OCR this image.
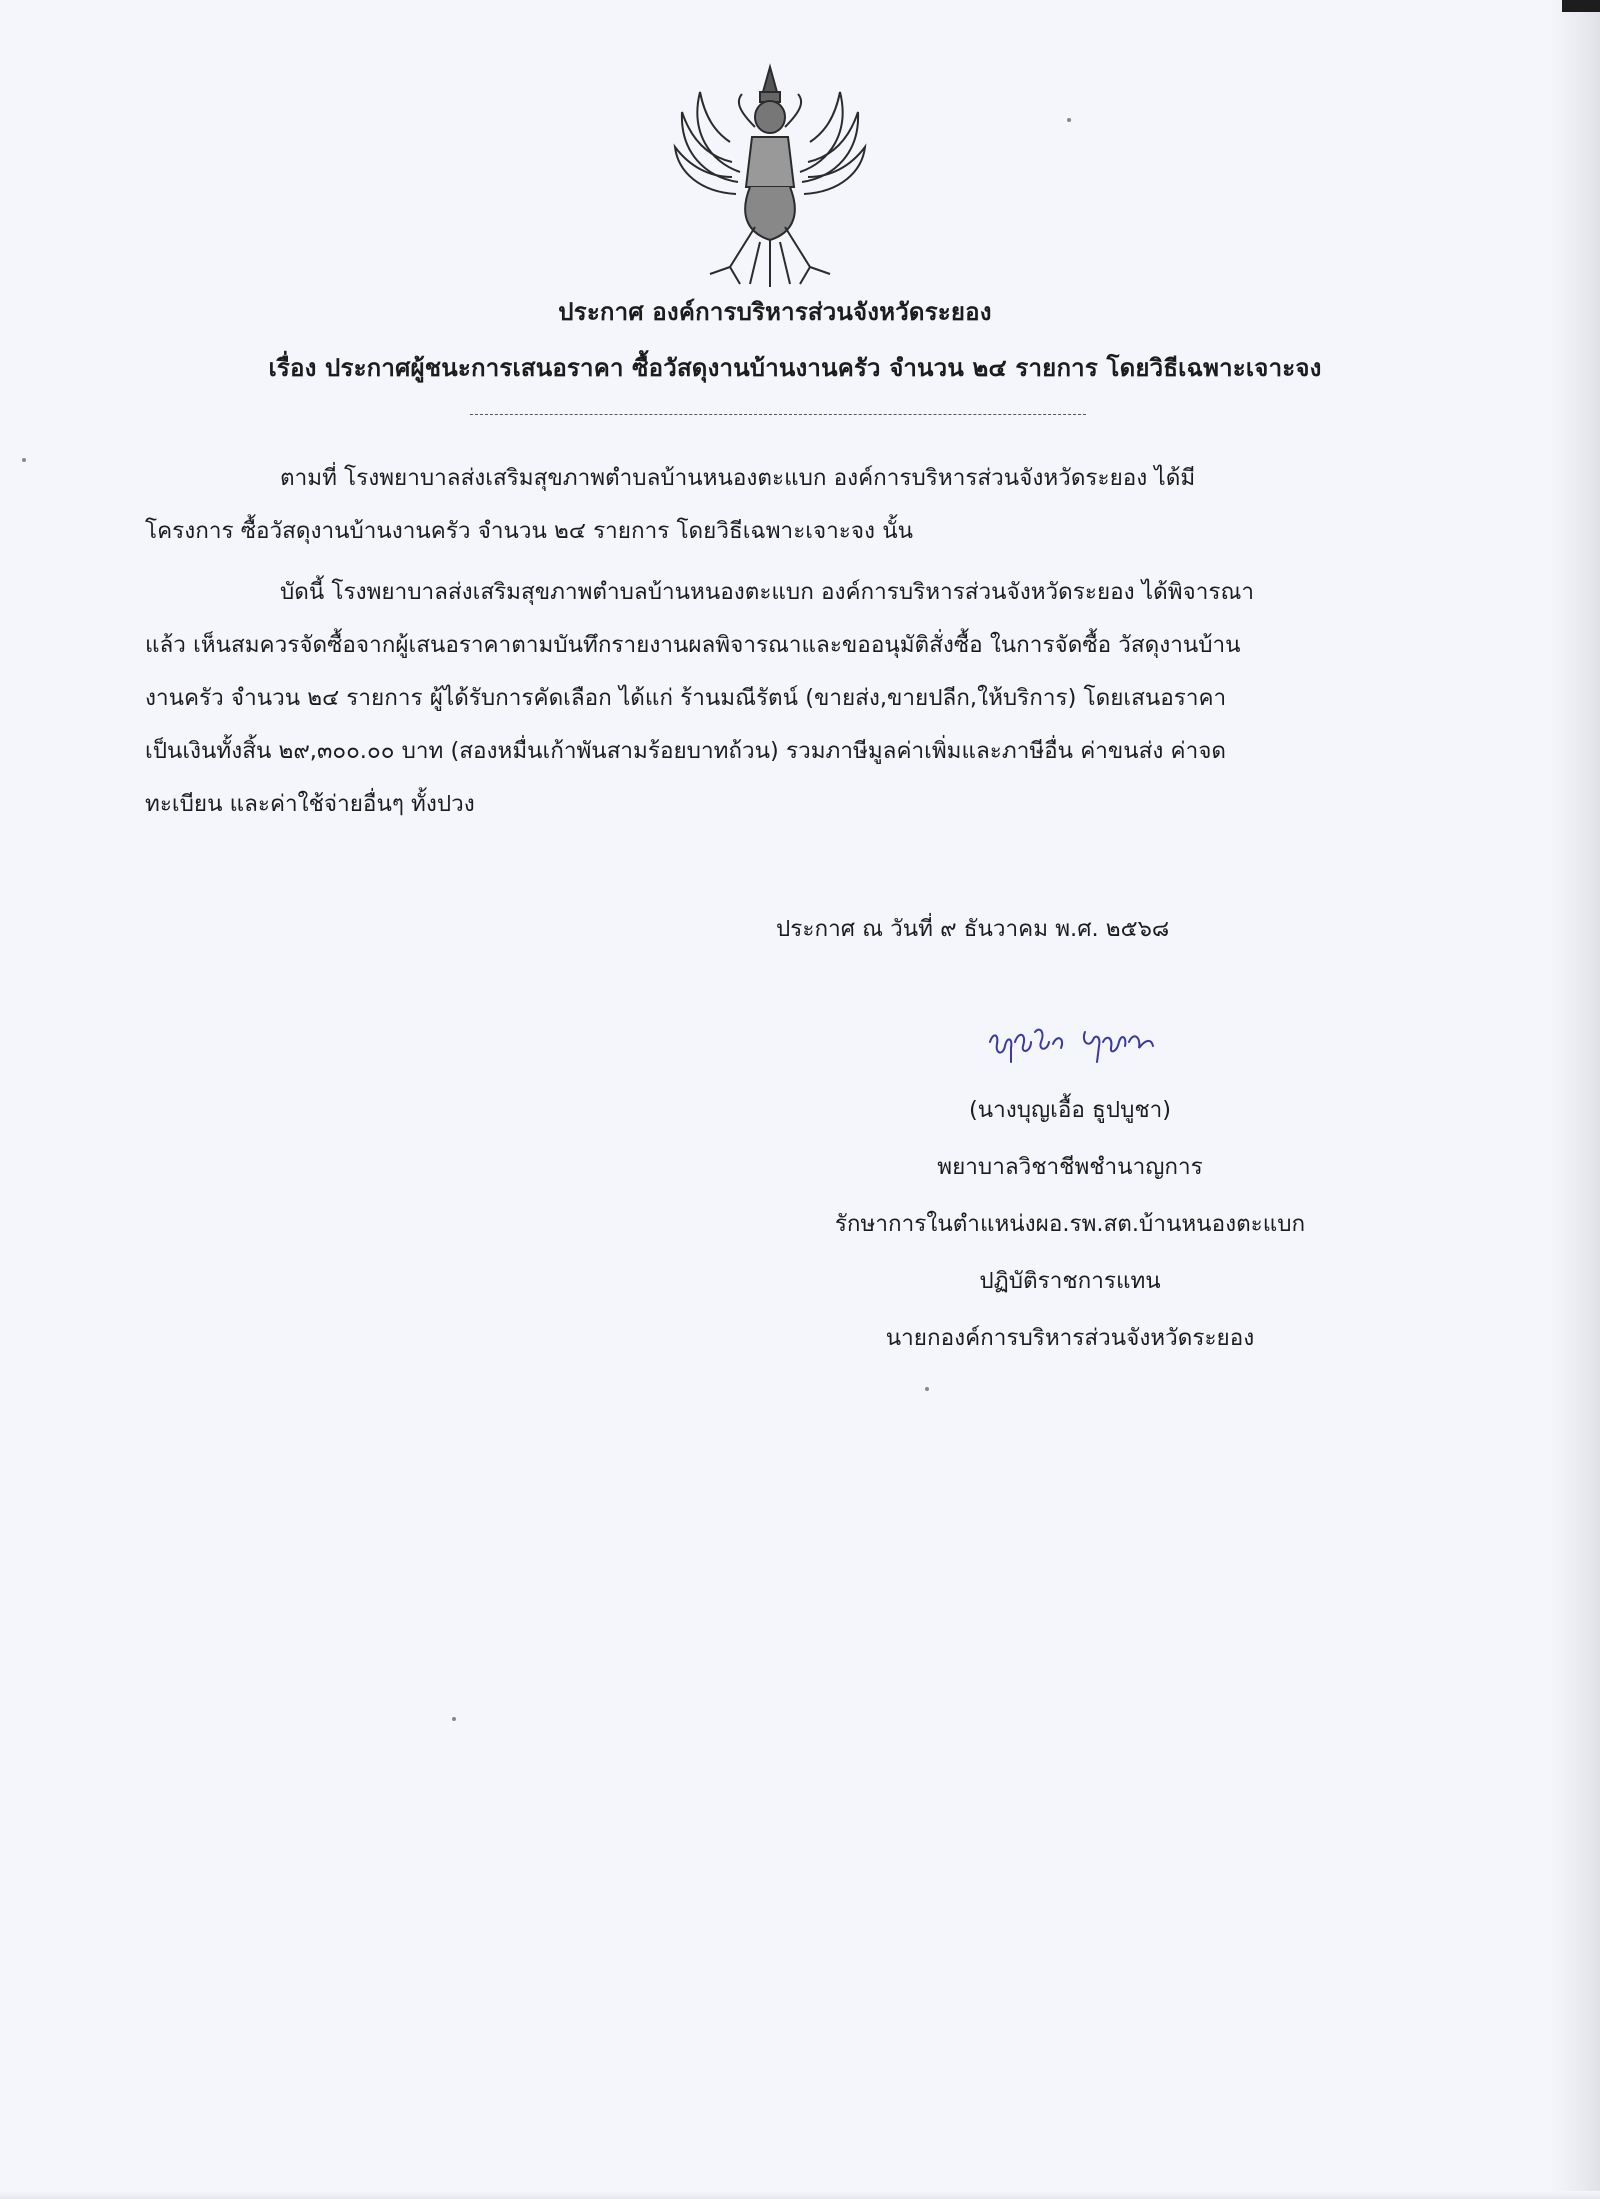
ประกาศ องค์การบริหารส่วนจังหวัดระยอง
เรื่อง ประกาศผู้ชนะการเสนอราคา ซื้อวัสดุงานบ้านงานครัว จำนวน ๒๔ รายการ โดยวิธีเฉพาะเจาะจง
ตามที่ โรงพยาบาลส่งเสริมสุขภาพตำบลบ้านหนองตะแบก องค์การบริหารส่วนจังหวัดระยอง ได้มี
โครงการ ซื้อวัสดุงานบ้านงานครัว จำนวน ๒๔ รายการ โดยวิธีเฉพาะเจาะจง นั้น
บัดนี้ โรงพยาบาลส่งเสริมสุขภาพตำบลบ้านหนองตะแบก องค์การบริหารส่วนจังหวัดระยอง ได้พิจารณา
แล้ว เห็นสมควรจัดซื้อจากผู้เสนอราคาตามบันทึกรายงานผลพิจารณาและขออนุมัติสั่งซื้อ ในการจัดซื้อ วัสดุงานบ้าน
งานครัว จำนวน ๒๔ รายการ ผู้ได้รับการคัดเลือก ได้แก่ ร้านมณีรัตน์ (ขายส่ง,ขายปลีก,ให้บริการ) โดยเสนอราคา
เป็นเงินทั้งสิ้น ๒๙,๓๐๐.๐๐ บาท (สองหมื่นเก้าพันสามร้อยบาทถ้วน) รวมภาษีมูลค่าเพิ่มและภาษีอื่น ค่าขนส่ง ค่าจด
ทะเบียน และค่าใช้จ่ายอื่นๆ ทั้งปวง
ประกาศ ณ วันที่ ๙ ธันวาคม พ.ศ. ๒๕๖๘
(นางบุญเอื้อ ธูปบูชา)
พยาบาลวิชาชีพชำนาญการ
รักษาการในตำแหน่งผอ.รพ.สต.บ้านหนองตะแบก
ปฏิบัติราชการแทน
นายกองค์การบริหารส่วนจังหวัดระยอง
